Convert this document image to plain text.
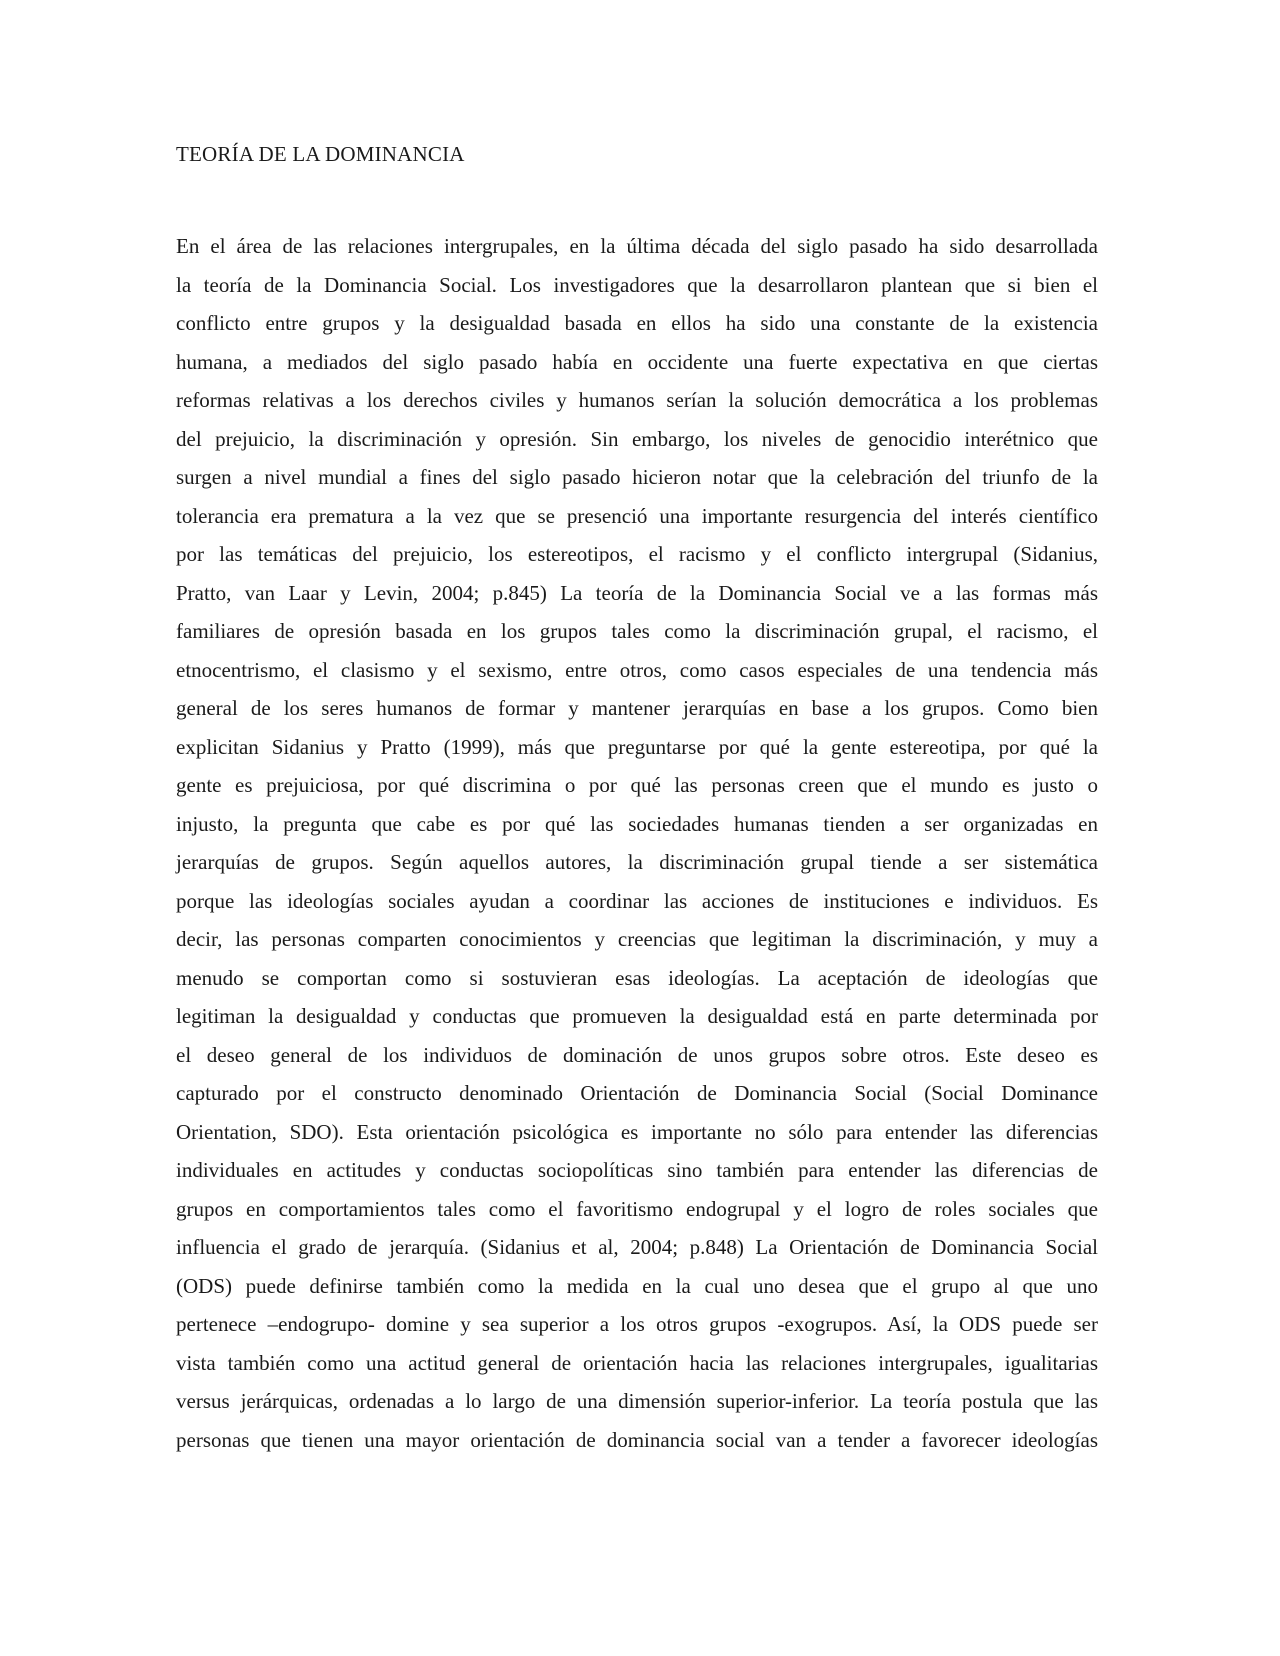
TEORÍA DE LA DOMINANCIA
En el área de las relaciones intergrupales, en la última década del siglo pasado ha sido desarrollada
la teoría de la Dominancia Social. Los investigadores que la desarrollaron plantean que si bien el
conflicto entre grupos y la desigualdad basada en ellos ha sido una constante de la existencia
humana, a mediados del siglo pasado había en occidente una fuerte expectativa en que ciertas
reformas relativas a los derechos civiles y humanos serían la solución democrática a los problemas
del prejuicio, la discriminación y opresión. Sin embargo, los niveles de genocidio interétnico que
surgen a nivel mundial a fines del siglo pasado hicieron notar que la celebración del triunfo de la
tolerancia era prematura a la vez que se presenció una importante resurgencia del interés científico
por las temáticas del prejuicio, los estereotipos, el racismo y el conflicto intergrupal (Sidanius,
Pratto, van Laar y Levin, 2004; p.845) La teoría de la Dominancia Social ve a las formas más
familiares de opresión basada en los grupos tales como la discriminación grupal, el racismo, el
etnocentrismo, el clasismo y el sexismo, entre otros, como casos especiales de una tendencia más
general de los seres humanos de formar y mantener jerarquías en base a los grupos. Como bien
explicitan Sidanius y Pratto (1999), más que preguntarse por qué la gente estereotipa, por qué la
gente es prejuiciosa, por qué discrimina o por qué las personas creen que el mundo es justo o
injusto, la pregunta que cabe es por qué las sociedades humanas tienden a ser organizadas en
jerarquías de grupos. Según aquellos autores, la discriminación grupal tiende a ser sistemática
porque las ideologías sociales ayudan a coordinar las acciones de instituciones e individuos. Es
decir, las personas comparten conocimientos y creencias que legitiman la discriminación, y muy a
menudo se comportan como si sostuvieran esas ideologías. La aceptación de ideologías que
legitiman la desigualdad y conductas que promueven la desigualdad está en parte determinada por
el deseo general de los individuos de dominación de unos grupos sobre otros. Este deseo es
capturado por el constructo denominado Orientación de Dominancia Social (Social Dominance
Orientation, SDO). Esta orientación psicológica es importante no sólo para entender las diferencias
individuales en actitudes y conductas sociopolíticas sino también para entender las diferencias de
grupos en comportamientos tales como el favoritismo endogrupal y el logro de roles sociales que
influencia el grado de jerarquía. (Sidanius et al, 2004; p.848) La Orientación de Dominancia Social
(ODS) puede definirse también como la medida en la cual uno desea que el grupo al que uno
pertenece –endogrupo- domine y sea superior a los otros grupos -exogrupos. Así, la ODS puede ser
vista también como una actitud general de orientación hacia las relaciones intergrupales, igualitarias
versus jerárquicas, ordenadas a lo largo de una dimensión superior-inferior. La teoría postula que las
personas que tienen una mayor orientación de dominancia social van a tender a favorecer ideologías
